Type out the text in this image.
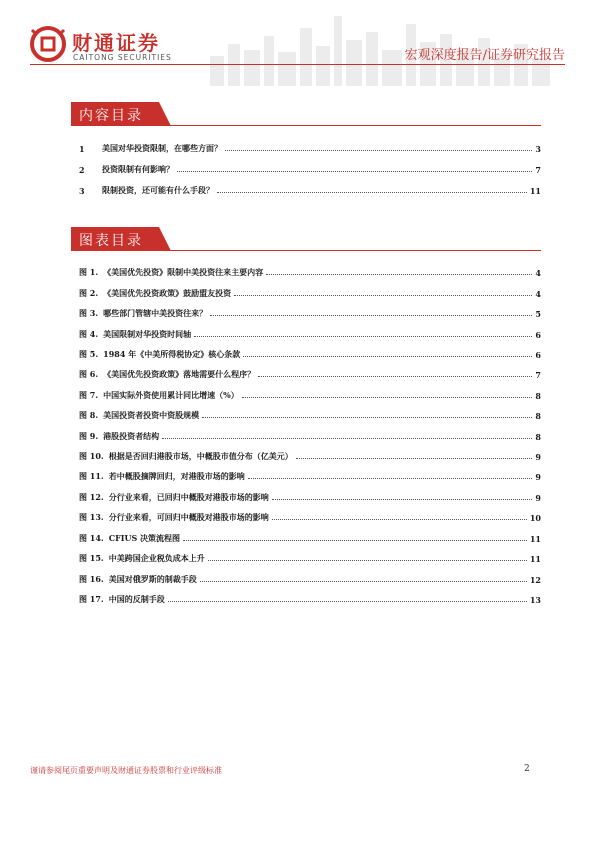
财通证券
CAITONG SECURITIES	宏观深度报告/证券研究报告
内容目录
1	美国对华投资限制，在哪些方面？	3
2	投资限制有何影响？	7
3	限制投资，还可能有什么手段？	11
图表目录
图 1. 《美国优先投资》限制中美投资往来主要内容	4
图 2. 《美国优先投资政策》鼓励盟友投资	4
图 3. 哪些部门管辖中美投资往来？	5
图 4. 美国限制对华投资时间轴	6
图 5. 1984 年《中美所得税协定》核心条款	6
图 6. 《美国优先投资政策》落地需要什么程序？	7
图 7. 中国实际外资使用累计同比增速（%）	8
图 8. 美国投资者投资中资股规模	8
图 9. 港股投资者结构	8
图 10. 根据是否回归港股市场，中概股市值分布（亿美元）	9
图 11. 若中概股摘牌回归，对港股市场的影响	9
图 12. 分行业来看，已回归中概股对港股市场的影响	9
图 13. 分行业来看，可回归中概股对港股市场的影响	10
图 14. CFIUS 决策流程图	11
图 15. 中美跨国企业税负成本上升	11
图 16. 美国对俄罗斯的制裁手段	12
图 17. 中国的反制手段	13
谨请参阅尾页重要声明及财通证券股票和行业评级标准	2
